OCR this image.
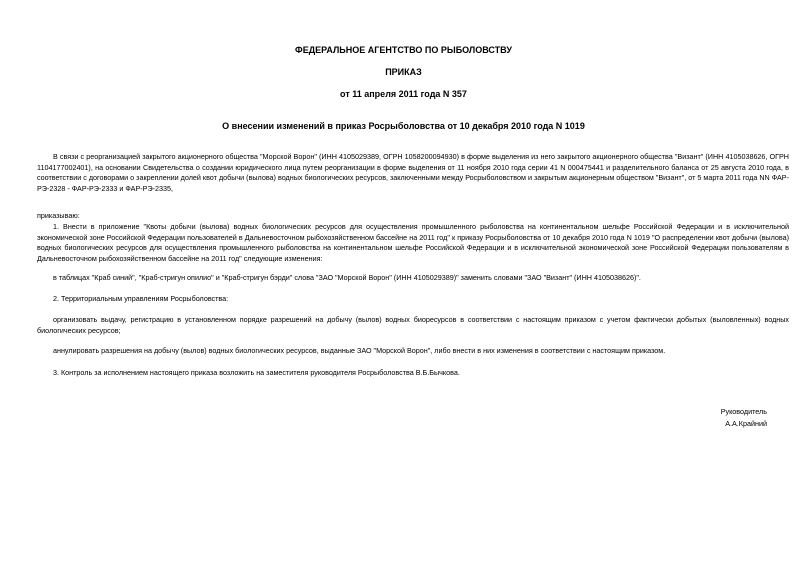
ФЕДЕРАЛЬНОЕ АГЕНТСТВО ПО РЫБОЛОВСТВУ
ПРИКАЗ
от 11 апреля 2011 года N 357
О внесении изменений в приказ Росрыболовства от 10 декабря 2010 года N 1019

В связи с реорганизацией закрытого акционерного общества "Морской Ворон" (ИНН 4105029389, ОГРН 1058200094930) в форме выделения из него закрытого акционерного общества "Визант" (ИНН 4105038626, ОГРН 1104177002401), на основании Свидетельства о создании юридического лица путем реорганизации в форме выделения от 11 ноября 2010 года серии 41 N 000475441 и разделительного баланса от 25 августа 2010 года, в соответствии с договорами о закреплении долей квот добычи (вылова) водных биологических ресурсов, заключенными между Росрыболовством и закрытым акционерным обществом "Визант", от 5 марта 2011 года NN ФАР-РЭ-2328 - ФАР-РЭ-2333 и ФАР-РЭ-2335,

приказываю:

1. Внести в приложение "Квоты добычи (вылова) водных биологических ресурсов для осуществления промышленного рыболовства на континентальном шельфе Российской Федерации и в исключительной экономической зоне Российской Федерации пользователей в Дальневосточном рыбохозяйственном бассейне на 2011 год" к приказу Росрыболовства от 10 декабря 2010 года N 1019 "О распределении квот добычи (вылова) водных биологических ресурсов для осуществления промышленного рыболовства на континентальном шельфе Российской Федерации и в исключительной экономической зоне Российской Федерации пользователям в Дальневосточном рыбохозяйственном бассейне на 2011 год" следующие изменения:

в таблицах "Краб синий", "Краб-стригун опилио" и "Краб-стригун бэрди" слова "ЗАО "Морской Ворон" (ИНН 4105029389)" заменить словами "ЗАО "Визант" (ИНН 4105038626)".

2. Территориальным управлениям Росрыболовства:

организовать выдачу, регистрацию в установленном порядке разрешений на добычу (вылов) водных биоресурсов в соответствии с настоящим приказом с учетом фактически добытых (выловленных) водных биологических ресурсов;

аннулировать разрешения на добычу (вылов) водных биологических ресурсов, выданные ЗАО "Морской Ворон", либо внести в них изменения в соответствии с настоящим приказом.

3. Контроль за исполнением настоящего приказа возложить на заместителя руководителя Росрыболовства В.Б.Бычкова.

Руководитель
А.А.Крайний
